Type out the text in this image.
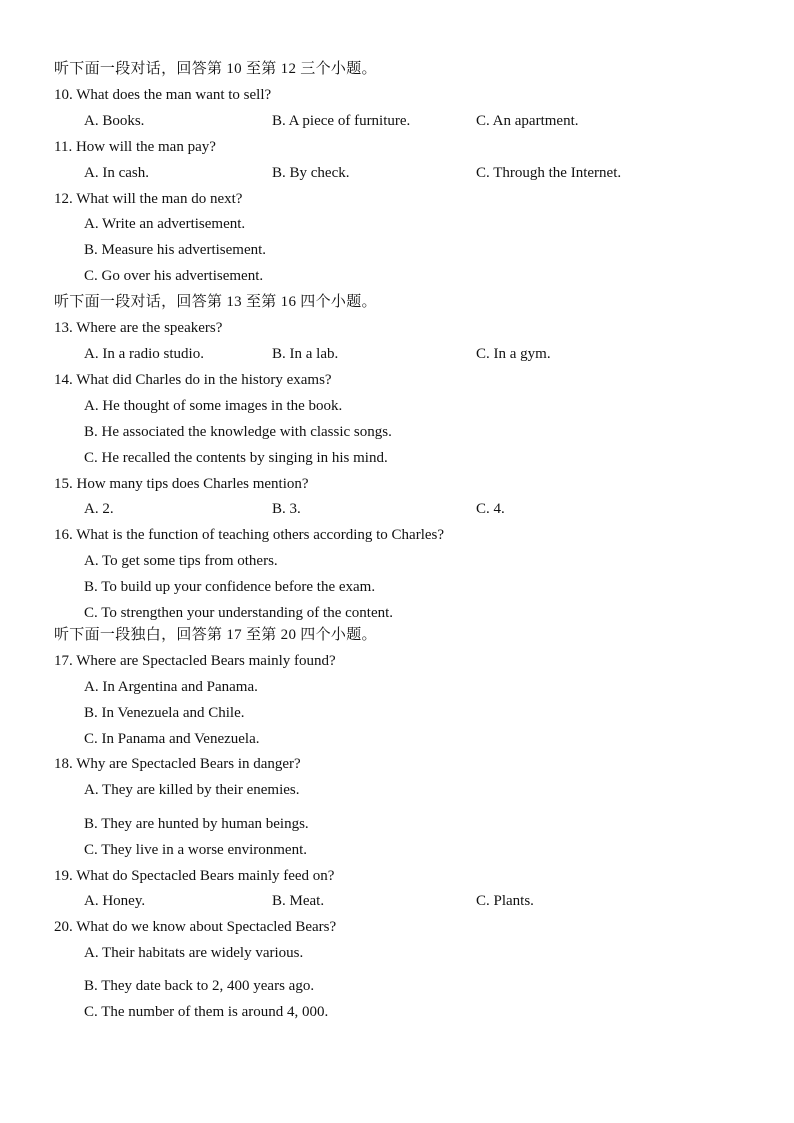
听下面一段对话，回答第 10 至第 12 三个小题。
10. What does the man want to sell?
A. Books.	B. A piece of furniture.	C. An apartment.
11. How will the man pay?
A. In cash.	B. By check.	C. Through the Internet.
12. What will the man do next?
A. Write an advertisement.
B. Measure his advertisement.
C. Go over his advertisement.
听下面一段对话，回答第 13 至第 16 四个小题。
13. Where are the speakers?
A. In a radio studio.	B. In a lab.	C. In a gym.
14. What did Charles do in the history exams?
A. He thought of some images in the book.
B. He associated the knowledge with classic songs.
C. He recalled the contents by singing in his mind.
15. How many tips does Charles mention?
A. 2.	B. 3.	C. 4.
16. What is the function of teaching others according to Charles?
A. To get some tips from others.
B. To build up your confidence before the exam.
C. To strengthen your understanding of the content.
听下面一段独白，回答第 17 至第 20 四个小题。
17. Where are Spectacled Bears mainly found?
A. In Argentina and Panama.
B. In Venezuela and Chile.
C. In Panama and Venezuela.
18. Why are Spectacled Bears in danger?
A. They are killed by their enemies.
B. They are hunted by human beings.
C. They live in a worse environment.
19. What do Spectacled Bears mainly feed on?
A. Honey.	B. Meat.	C. Plants.
20. What do we know about Spectacled Bears?
A. Their habitats are widely various.
B. They date back to 2, 400 years ago.
C. The number of them is around 4, 000.
